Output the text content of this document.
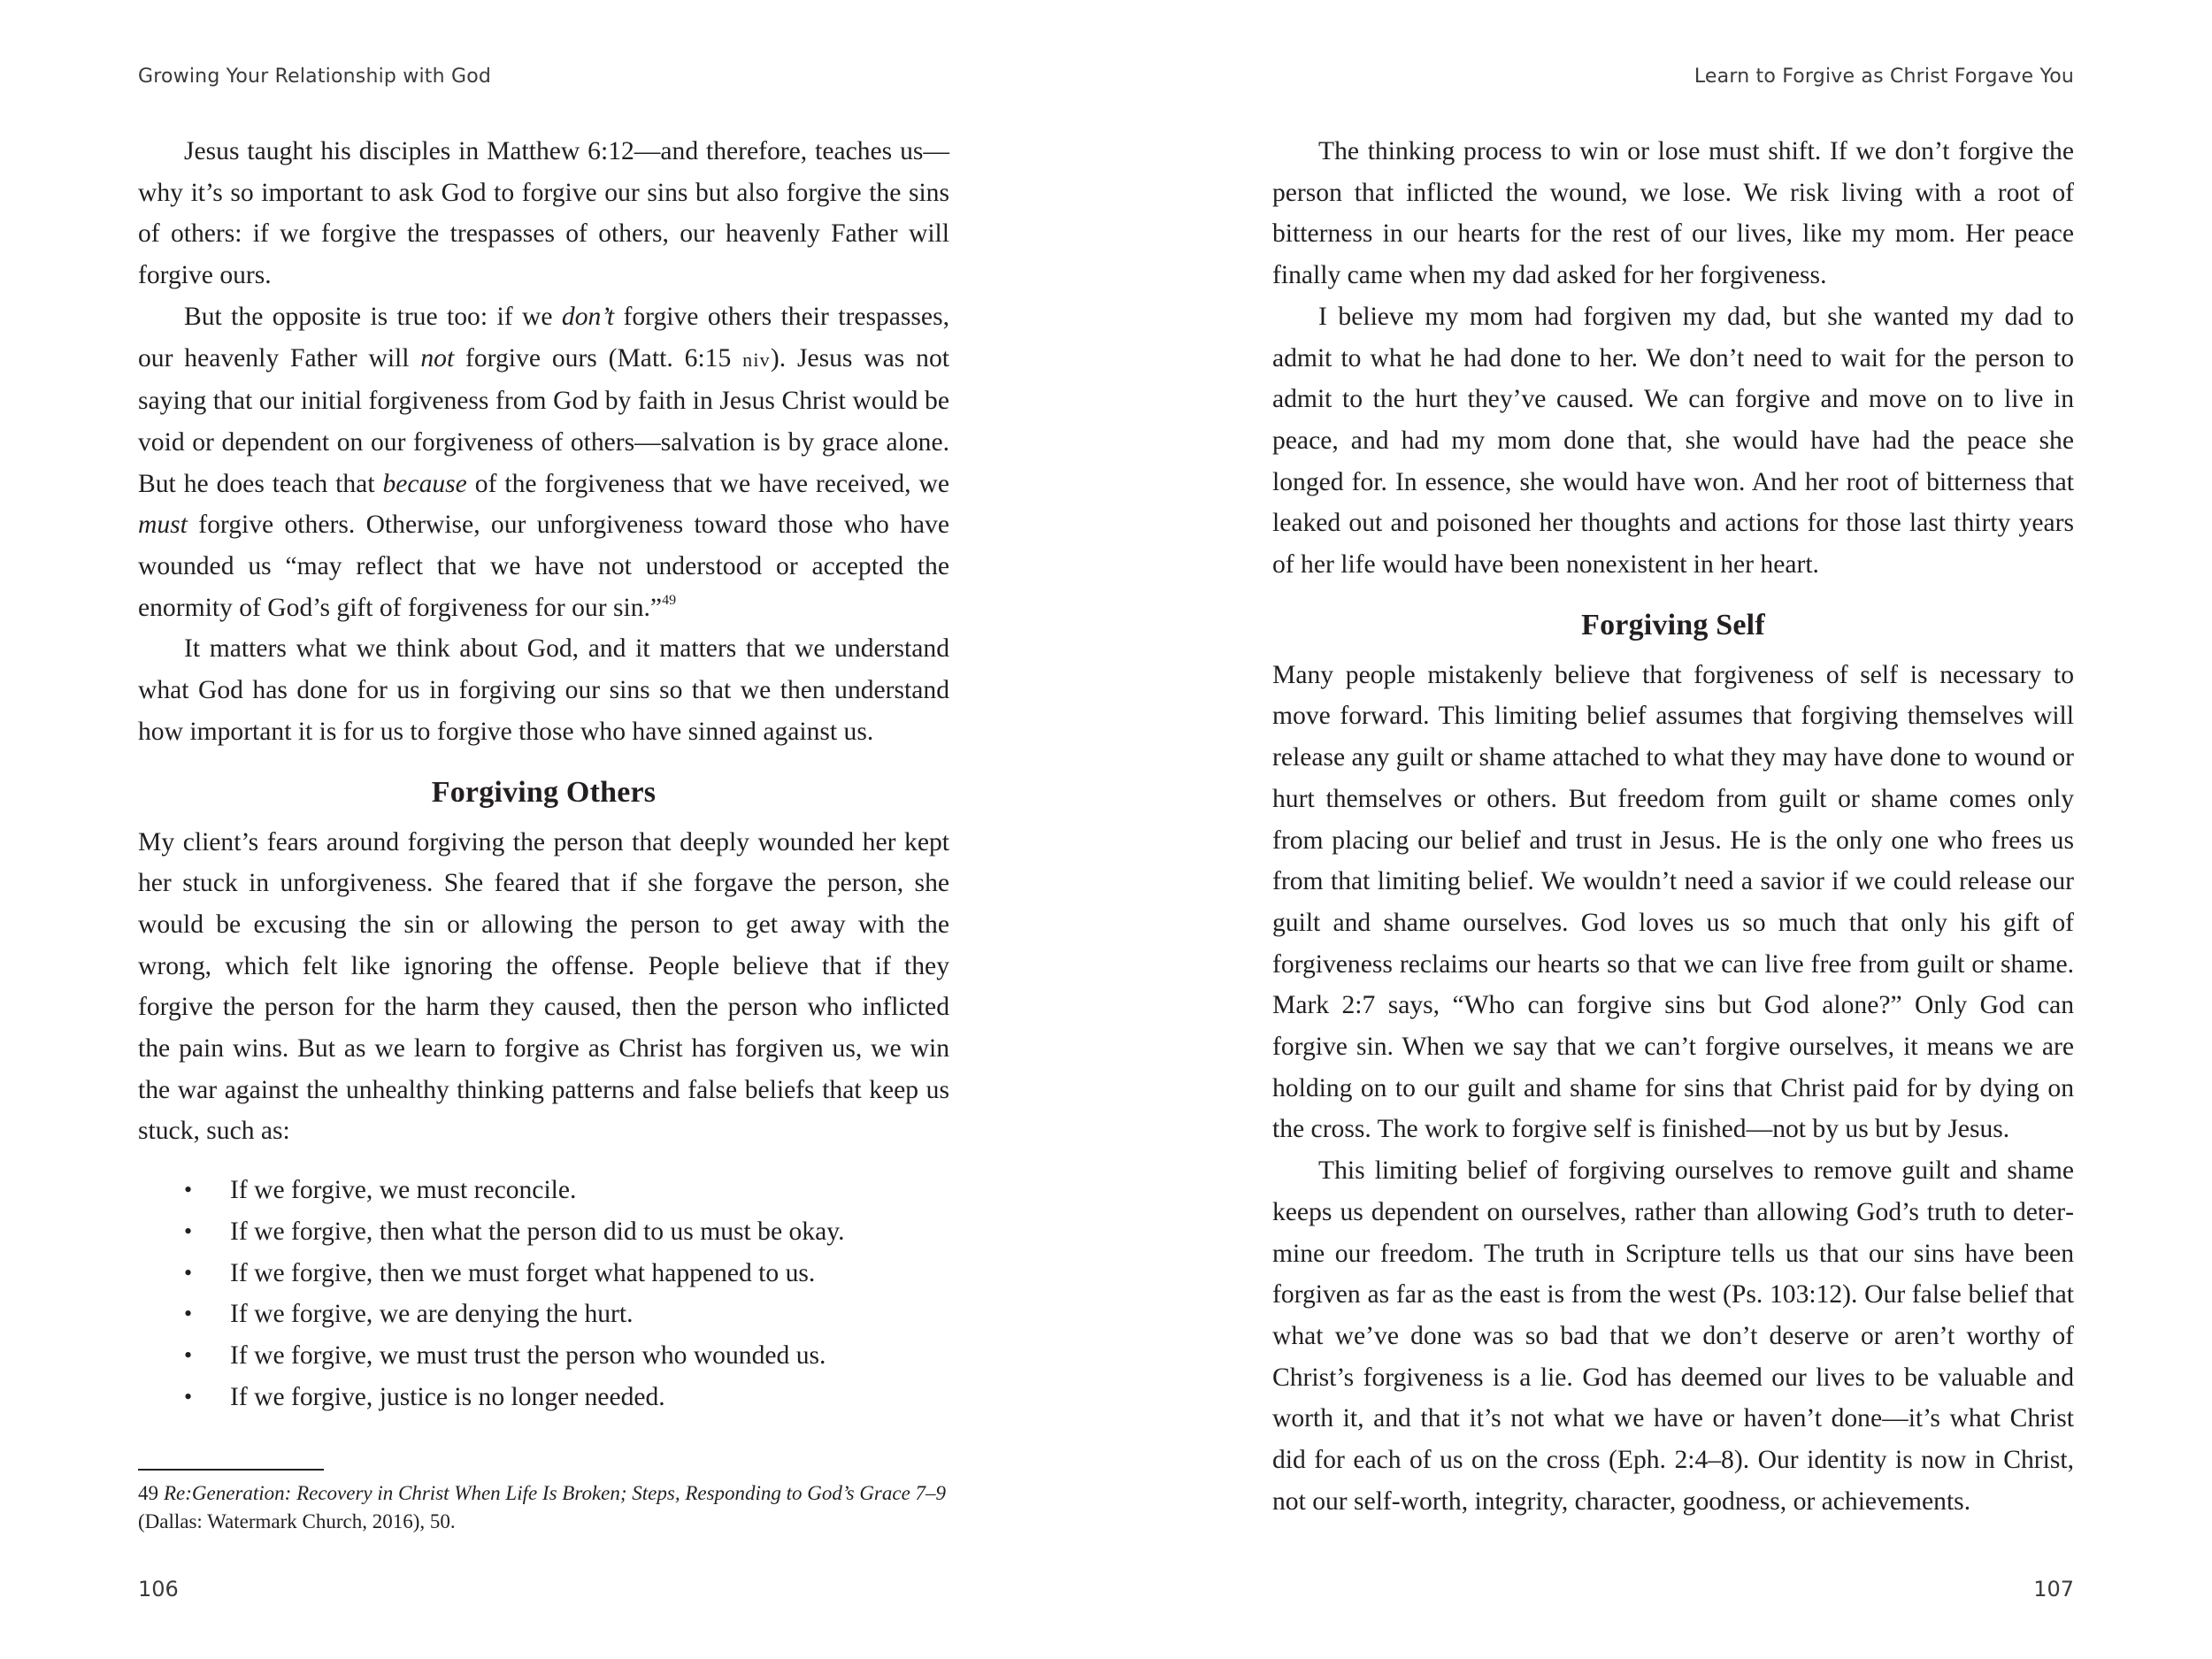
Growing Your Relationship with God

Jesus taught his disciples in Matthew 6:12—and therefore, teaches us—why it’s so important to ask God to forgive our sins but also forgive the sins of others: if we forgive the trespasses of others, our heavenly Father will forgive ours.

But the opposite is true too: if we don’t forgive others their trespasses, our heavenly Father will not forgive ours (Matt. 6:15 niv). Jesus was not saying that our initial forgiveness from God by faith in Jesus Christ would be void or dependent on our forgiveness of others—salvation is by grace alone. But he does teach that because of the forgiveness that we have received, we must forgive others. Otherwise, our unforgiveness toward those who have wounded us “may reflect that we have not understood or accepted the enormity of God’s gift of forgiveness for our sin.”$^{49}$

It matters what we think about God, and it matters that we understand what God has done for us in forgiving our sins so that we then understand how important it is for us to forgive those who have sinned against us.

Forgiving Others

My client’s fears around forgiving the person that deeply wounded her kept her stuck in unforgiveness. She feared that if she forgave the person, she would be excusing the sin or allowing the person to get away with the wrong, which felt like ignoring the offense. People believe that if they forgive the person for the harm they caused, then the person who inflicted the pain wins. But as we learn to forgive as Christ has forgiven us, we win the war against the unhealthy thinking patterns and false beliefs that keep us stuck, such as:

• If we forgive, we must reconcile.
• If we forgive, then what the person did to us must be okay.
• If we forgive, then we must forget what happened to us.
• If we forgive, we are denying the hurt.
• If we forgive, we must trust the person who wounded us.
• If we forgive, justice is no longer needed.
49 Re:Generation: Recovery in Christ When Life Is Broken; Steps, Responding to God’s Grace 7–9 (Dallas: Watermark Church, 2016), 50.
106
Learn to Forgive as Christ Forgave You

The thinking process to win or lose must shift. If we don’t forgive the person that inflicted the wound, we lose. We risk living with a root of bitterness in our hearts for the rest of our lives, like my mom. Her peace finally came when my dad asked for her forgiveness.

I believe my mom had forgiven my dad, but she wanted my dad to admit to what he had done to her. We don’t need to wait for the person to admit to the hurt they’ve caused. We can forgive and move on to live in peace, and had my mom done that, she would have had the peace she longed for. In essence, she would have won. And her root of bitterness that leaked out and poisoned her thoughts and actions for those last thirty years of her life would have been nonexistent in her heart.

Forgiving Self

Many people mistakenly believe that forgiveness of self is necessary to move forward. This limiting belief assumes that forgiving themselves will release any guilt or shame attached to what they may have done to wound or hurt themselves or others. But freedom from guilt or shame comes only from placing our belief and trust in Jesus. He is the only one who frees us from that limiting belief. We wouldn’t need a savior if we could release our guilt and shame ourselves. God loves us so much that only his gift of forgiveness reclaims our hearts so that we can live free from guilt or shame. Mark 2:7 says, “Who can forgive sins but God alone?” Only God can forgive sin. When we say that we can’t forgive ourselves, it means we are holding on to our guilt and shame for sins that Christ paid for by dying on the cross. The work to forgive self is finished—not by us but by Jesus.

This limiting belief of forgiving ourselves to remove guilt and shame keeps us dependent on ourselves, rather than allowing God’s truth to determine our freedom. The truth in Scripture tells us that our sins have been forgiven as far as the east is from the west (Ps. 103:12). Our false belief that what we’ve done was so bad that we don’t deserve or aren’t worthy of Christ’s forgiveness is a lie. God has deemed our lives to be valuable and worth it, and that it’s not what we have or haven’t done—it’s what Christ did for each of us on the cross (Eph. 2:4–8). Our identity is now in Christ, not our self-worth, integrity, character, goodness, or achievements.

107
